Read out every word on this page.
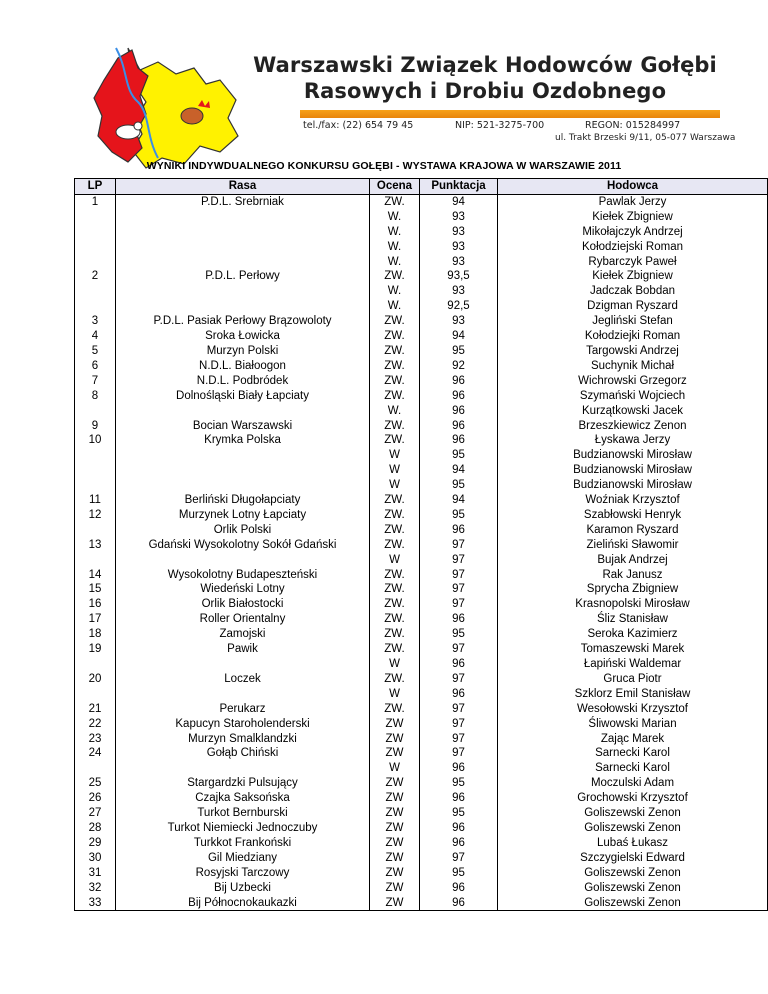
Warszawski Związek Hodowców Gołębi
Rasowych i Drobiu Ozdobnego
tel./fax: (22) 654 79 45	NIP: 521-3275-700	REGON: 015284997
ul. Trakt Brzeski 9/11, 05-077 Warszawa
WYNIKI INDYWDUALNEGO KONKURSU GOŁĘBI - WYSTAWA KRAJOWA W WARSZAWIE 2011
LP	Rasa	Ocena	Punktacja	Hodowca
1	P.D.L. Srebrniak	ZW.	94	Pawlak Jerzy
		W.	93	Kiełek Zbigniew
		W.	93	Mikołajczyk Andrzej
		W.	93	Kołodziejski Roman
		W.	93	Rybarczyk Paweł
2	P.D.L. Perłowy	ZW.	93,5	Kiełek Zbigniew
		W.	93	Jadczak Bobdan
		W.	92,5	Dzigman Ryszard
3	P.D.L. Pasiak Perłowy Brązowoloty	ZW.	93	Jegliński Stefan
4	Sroka Łowicka	ZW.	94	Kołodziejki Roman
5	Murzyn Polski	ZW.	95	Targowski Andrzej
6	N.D.L. Białoogon	ZW.	92	Suchynik Michał
7	N.D.L. Podbródek	ZW.	96	Wichrowski Grzegorz
8	Dolnośląski Biały Łapciaty	ZW.	96	Szymański Wojciech
		W.	96	Kurzątkowski Jacek
9	Bocian Warszawski	ZW.	96	Brzeszkiewicz Zenon
10	Krymka Polska	ZW.	96	Łyskawa Jerzy
		W	95	Budzianowski Mirosław
		W	94	Budzianowski Mirosław
		W	95	Budzianowski Mirosław
11	Berliński Długołapciaty	ZW.	94	Woźniak Krzysztof
12	Murzynek Lotny Łapciaty	ZW.	95	Szabłowski Henryk
	Orlik Polski	ZW.	96	Karamon Ryszard
13	Gdański Wysokolotny Sokół Gdański	ZW.	97	Zieliński Sławomir
		W	97	Bujak Andrzej
14	Wysokolotny Budapeszteński	ZW.	97	Rak Janusz
15	Wiedeński Lotny	ZW.	97	Sprycha Zbigniew
16	Orlik Białostocki	ZW.	97	Krasnopolski Mirosław
17	Roller Orientalny	ZW.	96	Śliz Stanisław
18	Zamojski	ZW.	95	Seroka Kazimierz
19	Pawik	ZW.	97	Tomaszewski Marek
		W	96	Łapiński Waldemar
20	Loczek	ZW.	97	Gruca Piotr
		W	96	Szklorz Emil Stanisław
21	Perukarz	ZW.	97	Wesołowski Krzysztof
22	Kapucyn Staroholenderski	ZW	97	Śliwowski Marian
23	Murzyn Smalklandzki	ZW	97	Zając Marek
24	Gołąb Chiński	ZW	97	Sarnecki Karol
		W	96	Sarnecki Karol
25	Stargardzki Pulsujący	ZW	95	Moczulski Adam
26	Czajka Saksońska	ZW	96	Grochowski Krzysztof
27	Turkot Bernburski	ZW	95	Goliszewski Zenon
28	Turkot Niemiecki Jednoczuby	ZW	96	Goliszewski Zenon
29	Turkkot Frankoński	ZW	96	Lubaś Łukasz
30	Gil Miedziany	ZW	97	Szczygielski Edward
31	Rosyjski Tarczowy	ZW	95	Goliszewski Zenon
32	Bij Uzbecki	ZW	96	Goliszewski Zenon
33	Bij Północnokaukazki	ZW	96	Goliszewski Zenon
